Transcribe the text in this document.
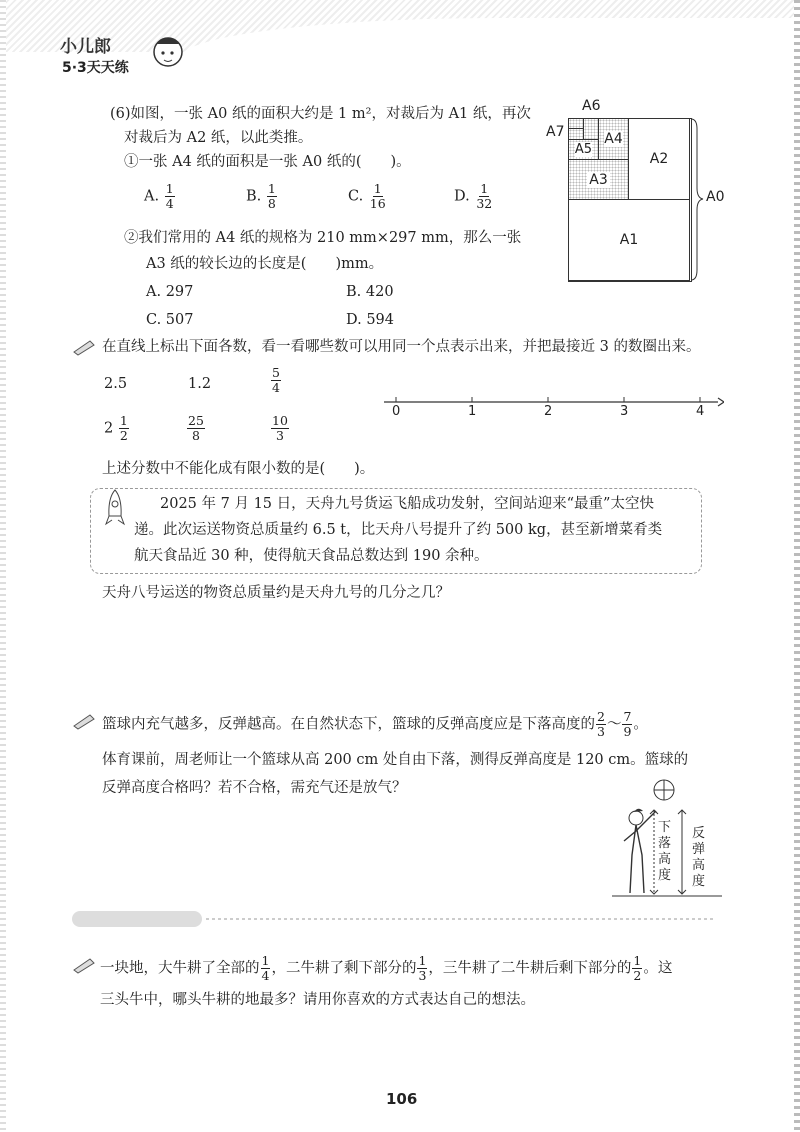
小儿郎
5·3天天练
(6)如图，一张 A0 纸的面积大约是 1 m²，对裁后为 A1 纸，再次
对裁后为 A2 纸，以此类推。
①一张 A4 纸的面积是一张 A0 纸的(　　)。
A. $\frac{1}{4}$	B. $\frac{1}{8}$	C. $\frac{1}{16}$	D. $\frac{1}{32}$
②我们常用的 A4 纸的规格为 210 mm×297 mm，那么一张
A3 纸的较长边的长度是(　　)mm。
A. 297	B. 420
C. 507	D. 594
A6
A7
A1
A2
A3
A4
A5
A0
在直线上标出下面各数，看一看哪些数可以用同一个点表示出来，并把最接近 3 的数圈出来。
2.5	1.2	$\frac{5}{4}$
$2 \frac{1}{2}$	$\frac{25}{8}$	$\frac{10}{3}$
0	1	2	3	4
上述分数中不能化成有限小数的是(　　)。
2025 年 7 月 15 日，天舟九号货运飞船成功发射，空间站迎来“最重”太空快
递。此次运送物资总质量约 6.5 t，比天舟八号提升了约 500 kg，甚至新增菜肴类
航天食品近 30 种，使得航天食品总数达到 190 余种。
天舟八号运送的物资总质量约是天舟九号的几分之几？
篮球内充气越多，反弹越高。在自然状态下，篮球的反弹高度应是下落高度的 $\frac{2}{3}$ ～ $\frac{7}{9}$ 。
体育课前，周老师让一个篮球从高 200 cm 处自由下落，测得反弹高度是 120 cm。篮球的
反弹高度合格吗？若不合格，需充气还是放气？
下落高度
反弹高度
一块地，大牛耕了全部的 $\frac{1}{4}$ ，二牛耕了剩下部分的 $\frac{1}{3}$ ，三牛耕了二牛耕后剩下部分的 $\frac{1}{2}$ 。这
三头牛中，哪头牛耕的地最多？请用你喜欢的方式表达自己的想法。
106
